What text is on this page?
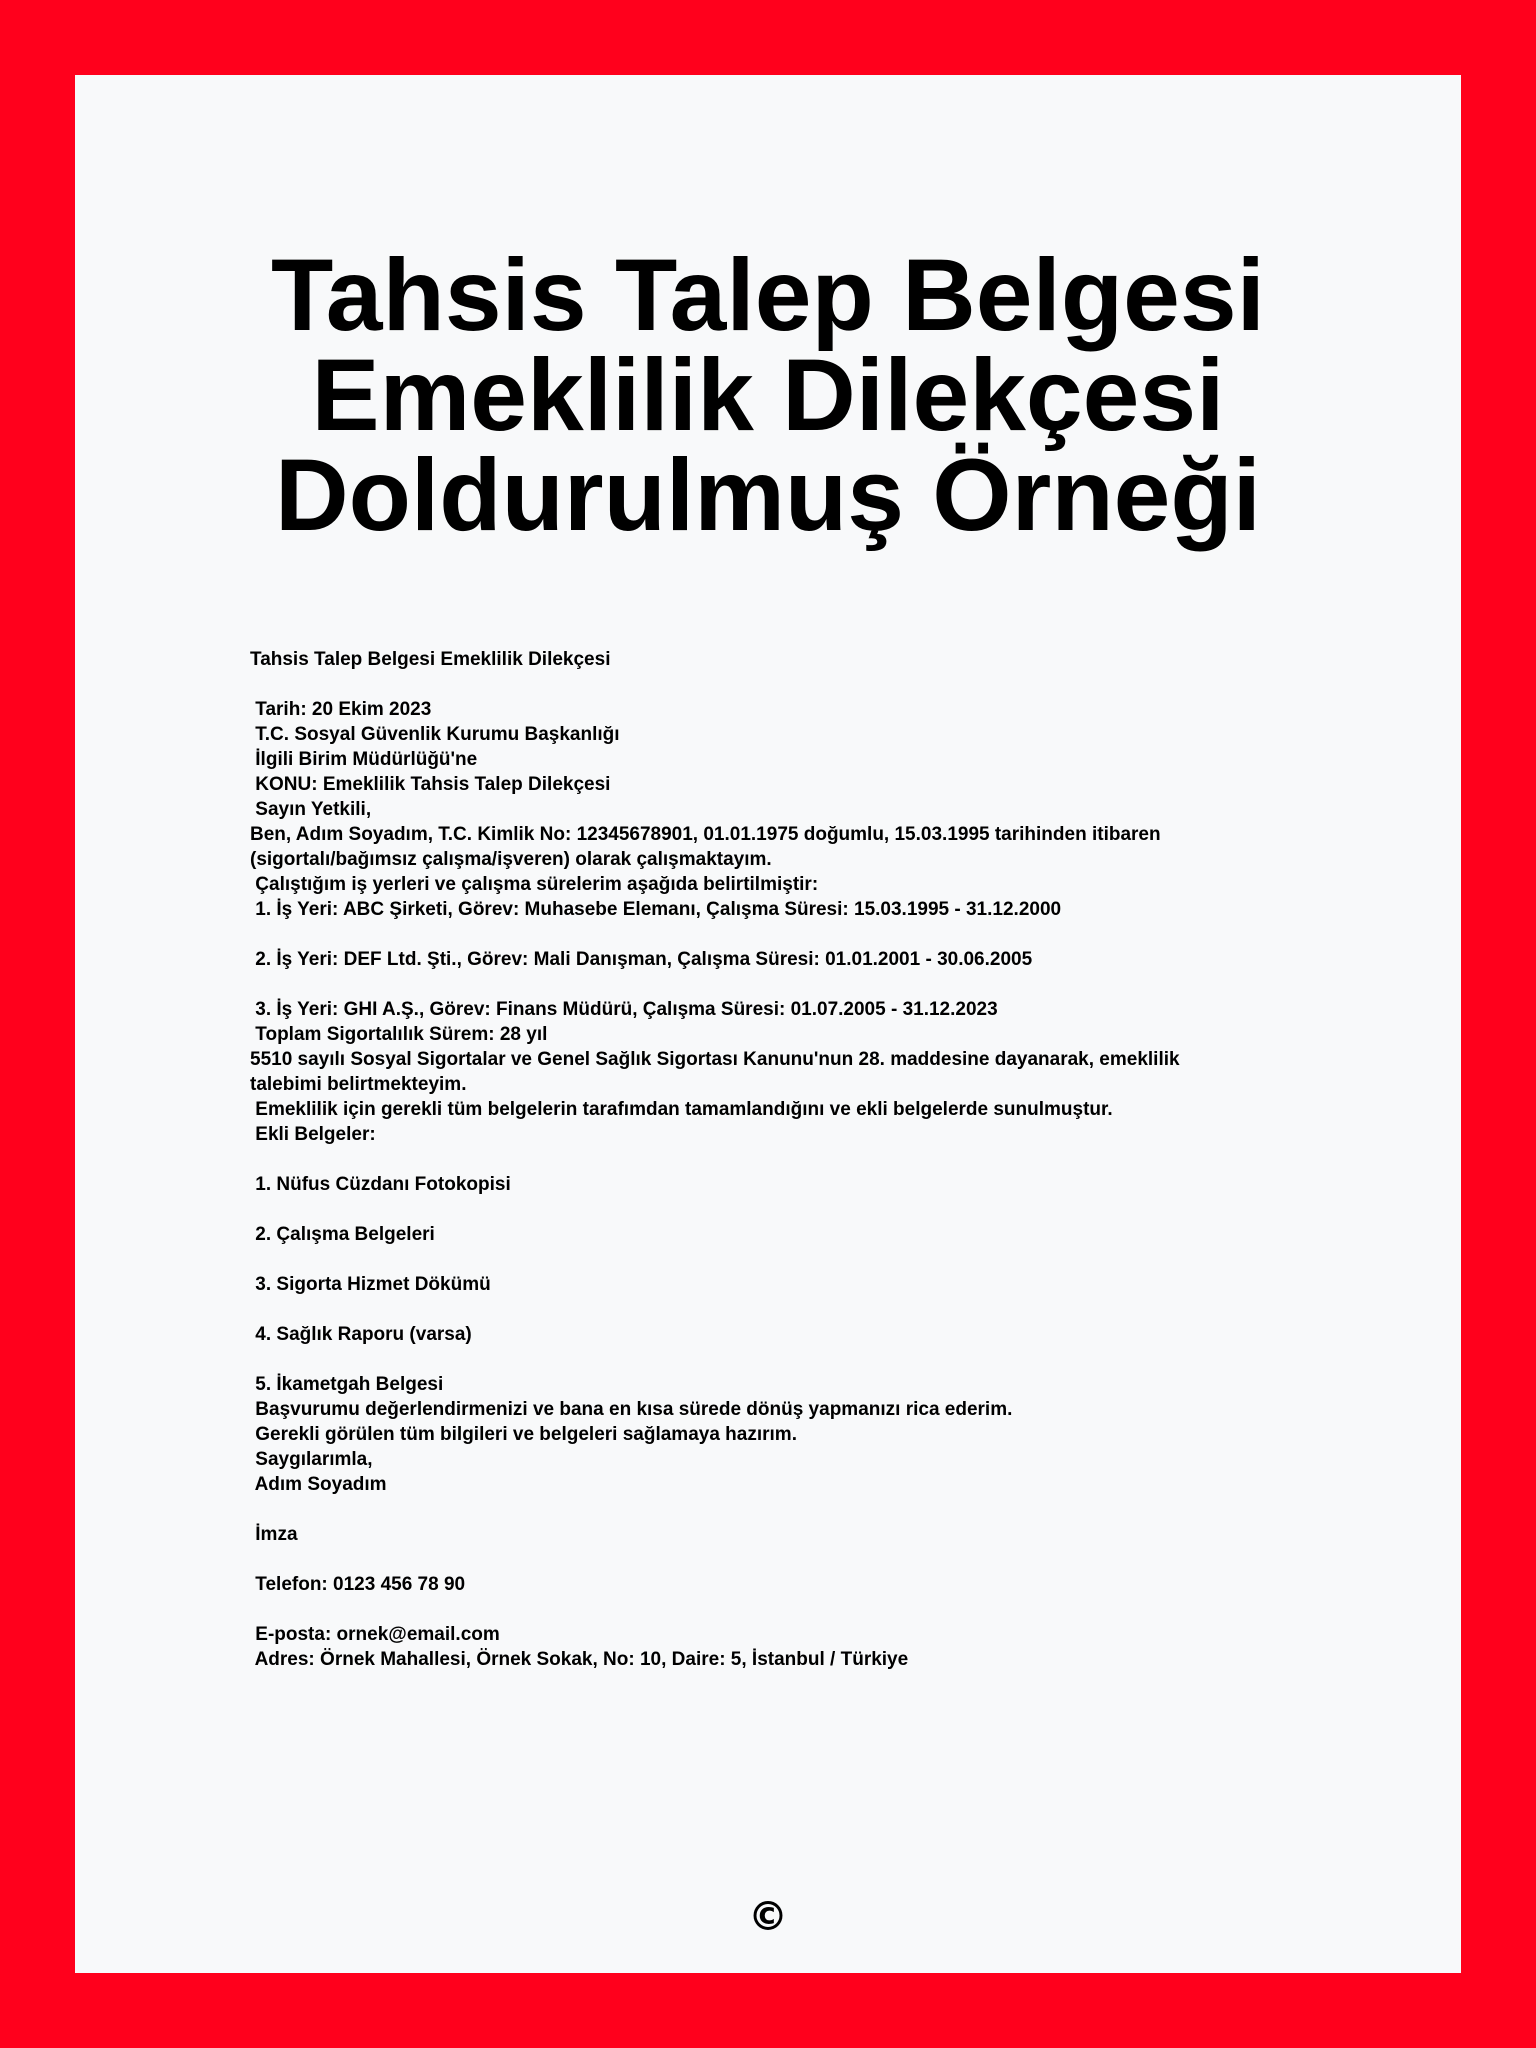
Tahsis Talep Belgesi
Emeklilik Dilekçesi
Doldurulmuş Örneği
Tahsis Talep Belgesi Emeklilik Dilekçesi
Tarih: 20 Ekim 2023
T.C. Sosyal Güvenlik Kurumu Başkanlığı
İlgili Birim Müdürlüğü'ne
KONU: Emeklilik Tahsis Talep Dilekçesi
Sayın Yetkili,
Ben, Adım Soyadım, T.C. Kimlik No: 12345678901, 01.01.1975 doğumlu, 15.03.1995 tarihinden itibaren
(sigortalı/bağımsız çalışma/işveren) olarak çalışmaktayım.
Çalıştığım iş yerleri ve çalışma sürelerim aşağıda belirtilmiştir:
1. İş Yeri: ABC Şirketi, Görev: Muhasebe Elemanı, Çalışma Süresi: 15.03.1995 - 31.12.2000
2. İş Yeri: DEF Ltd. Şti., Görev: Mali Danışman, Çalışma Süresi: 01.01.2001 - 30.06.2005
3. İş Yeri: GHI A.Ş., Görev: Finans Müdürü, Çalışma Süresi: 01.07.2005 - 31.12.2023
Toplam Sigortalılık Sürem: 28 yıl
5510 sayılı Sosyal Sigortalar ve Genel Sağlık Sigortası Kanunu'nun 28. maddesine dayanarak, emeklilik
talebimi belirtmekteyim.
Emeklilik için gerekli tüm belgelerin tarafımdan tamamlandığını ve ekli belgelerde sunulmuştur.
Ekli Belgeler:
1. Nüfus Cüzdanı Fotokopisi
2. Çalışma Belgeleri
3. Sigorta Hizmet Dökümü
4. Sağlık Raporu (varsa)
5. İkametgah Belgesi
Başvurumu değerlendirmenizi ve bana en kısa sürede dönüş yapmanızı rica ederim.
Gerekli görülen tüm bilgileri ve belgeleri sağlamaya hazırım.
Saygılarımla,
Adım Soyadım
İmza
Telefon: 0123 456 78 90
E-posta: ornek@email.com
Adres: Örnek Mahallesi, Örnek Sokak, No: 10, Daire: 5, İstanbul / Türkiye
©
